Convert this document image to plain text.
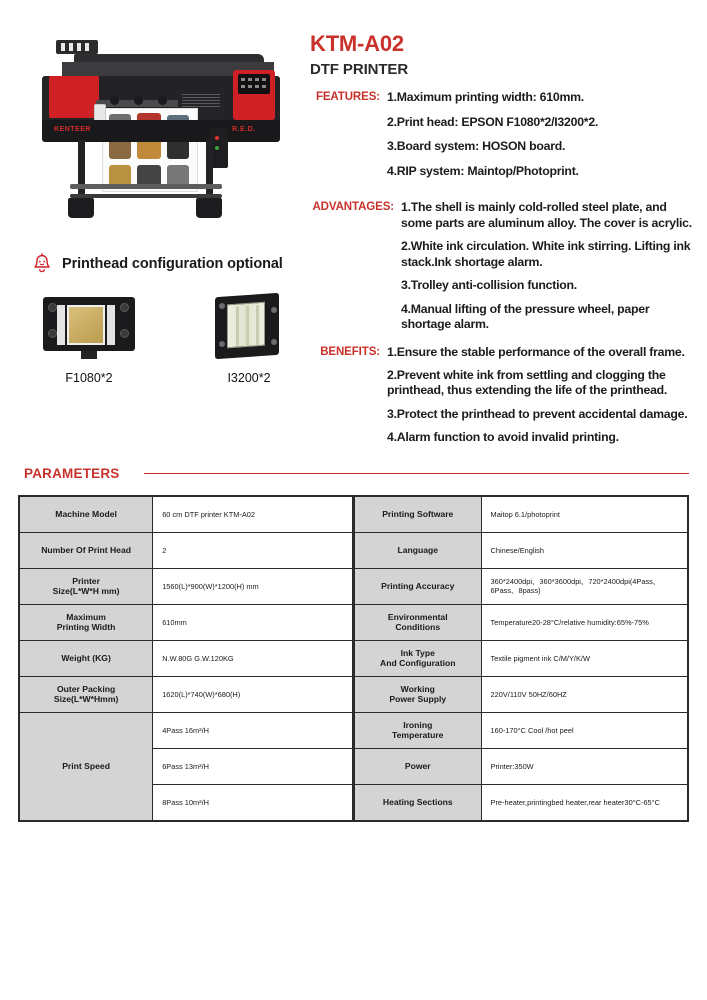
KENTEER	R.E.D.
Printhead configuration optional
F1080*2	I3200*2
KTM-A02
DTF PRINTER
FEATURES: 1.Maximum printing width: 610mm.

2.Print head: EPSON F1080*2/I3200*2.

3.Board system: HOSON board.

4.RIP system: Maintop/Photoprint.

ADVANTAGES: 1.The shell is mainly cold-rolled steel plate, and some parts are aluminum alloy. The cover is acrylic.

2.White ink circulation. White ink stirring. Lifting ink stack.Ink shortage alarm.

3.Trolley anti-collision function.

4.Manual lifting of the pressure wheel, paper shortage alarm.

BENEFITS: 1.Ensure the stable performance of the overall frame.

2.Prevent white ink from settling and clogging the printhead, thus extending the life of the printhead.

3.Protect the printhead to prevent accidental damage.

4.Alarm function to avoid invalid printing.

PARAMETERS
Machine Model	60 cm DTF printer KTM-A02
Number Of Print Head	2
Printer
Size(L*W*H mm)	1560(L)*900(W)*1200(H) mm
Maximum
Printing Width	610mm
Weight (KG)	N.W.80G G.W.120KG
Outer Packing
Size(L*W*Hmm)	1620(L)*740(W)*680(H)
Print Speed	4Pass 16m²/H
	6Pass 13m²/H
	8Pass 10m²/H
Printing Software	Maitop 6.1/photoprint
Language	Chinese/English
Printing Accuracy	360*2400dpi、360*3600dpi、720*2400dpi(4Pass、6Pass、8pass)
Environmental
Conditions	Temperature20-28°C/relative humidity:65%-75%
Ink Type
And Configuration	Textile pigment ink C/M/Y/K/W
Working
Power Supply	220V/110V 50HZ/60HZ
Ironing
Temperature	160-170°C Cool /hot peel
Power	Printer:350W
Heating Sections	Pre-heater,printingbed heater,rear heater30°C-65°C
